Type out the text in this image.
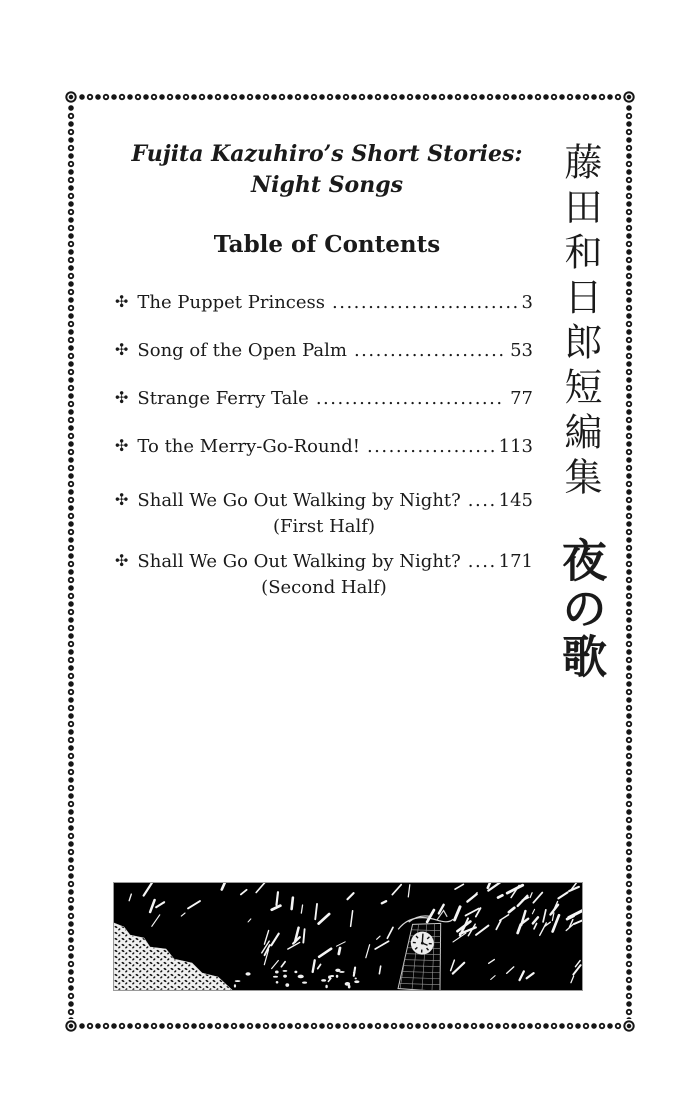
Fujita Kazuhiro’s Short Stories:
Night Songs
Table of Contents
✣ The Puppet Princess .....	3
✣ Song of the Open Palm .....	53
✣ Strange Ferry Tale .....	77
✣ To the Merry-Go-Round! .....	113
✣ Shall We Go Out Walking by Night? ..... 145
(First Half)
✣ Shall We Go Out Walking by Night? ..... 171
(Second Half)
藤田和日郎短編集 夜の歌
